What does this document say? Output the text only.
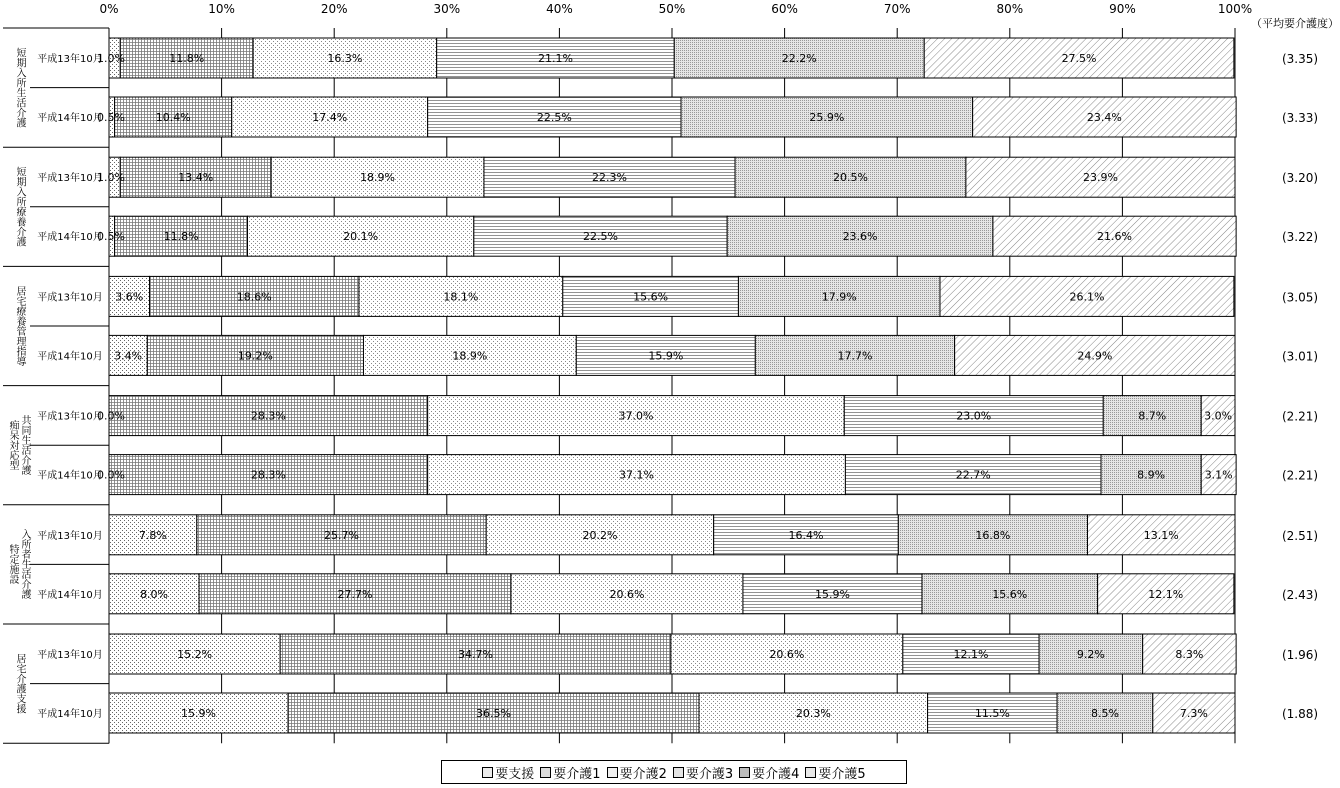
0%	10%	20%	30%	40%	50%	60%	70%	80%	90%	100%
（平均要介護度）
短期入所生活介護 平成13年10月
1.0%	11.8%	16.3%	21.1%	22.2%	27.5%	(3.35)
平成14年10月
0.5%	10.4%	17.4%	22.5%	25.9%	23.4%	(3.33)
短期入所療養介護 平成13年10月
1.0%	13.4%	18.9%	22.3%	20.5%	23.9%	(3.20)
平成14年10月
0.5%	11.8%	20.1%	22.5%	23.6%	21.6%	(3.22)
居宅療養管理指導 平成13年10月 3.6%	18.6%	18.1%	15.6%	17.9%	26.1%	(3.05)
平成14年10月 3.4%	19.2%	18.9%	15.9%	17.7%	24.9%	(3.01)
痴呆対応型 共同生活介護 平成13年10月
0.0%	28.3%	37.0%	23.0%	8.7%	3.0%	(2.21)
平成14年10月
0.0%	28.3%	37.1%	22.7%	8.9%	3.1%	(2.21)
特定施設 入所者生活介護 平成13年10月	7.8%	25.7%	20.2%	16.4%	16.8%	13.1%	(2.51)
平成14年10月	8.0%	27.7%	20.6%	15.9%	15.6%	12.1%	(2.43)
居宅介護支援 平成13年10月	15.2%	34.7%	20.6%	12.1%	9.2%	8.3%	(1.96)
平成14年10月	15.9%	36.5%	20.3%	11.5%	8.5%	7.3%	(1.88)
要支援 要介護1 要介護2 要介護3 要介護4 要介護5
